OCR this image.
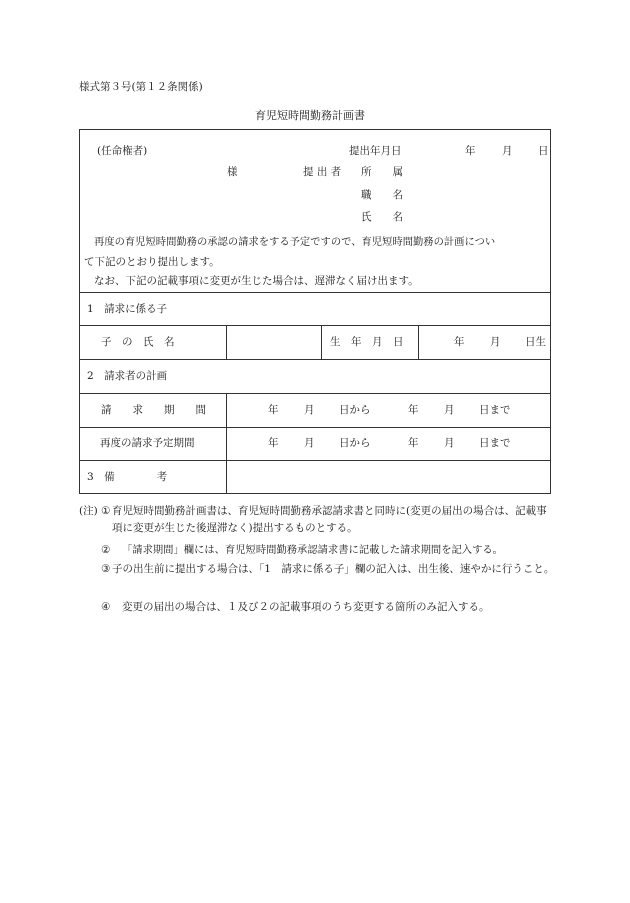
様式第３号(第１２条関係)
育児短時間勤務計画書
(任命権者)	提出年月日	年	月 日
様	提 出 者 所　　属
職　　名
氏　　名
再度の育児短時間勤務の承認の請求をする予定ですので、育児短時間勤務の計画につい
て下記のとおり提出します。
なお、下記の記載事項に変更が生じた場合は、遅滞なく届け出ます。
1　請求に係る子
子　の　氏　名	生　年　月　日	年 月 日生
2　請求者の計画
請　　求　　期　　間	年 月 日から	年 月 日まで
再度の請求予定期間	年 月 日から	年 月 日まで
3　備　　　　考
(注) ① 育児短時間勤務計画書は、育児短時間勤務承認請求書と同時に(変更の届出の場合は、記載事項に変更が生じた後遅滞なく)提出するものとする。
② 「請求期間」欄には、育児短時間勤務承認請求書に記載した請求期間を記入する。
③ 子の出生前に提出する場合は、「1　請求に係る子」欄の記入は、出生後、速やかに行うこと。
④ 変更の届出の場合は、１及び２の記載事項のうち変更する箇所のみ記入する。
